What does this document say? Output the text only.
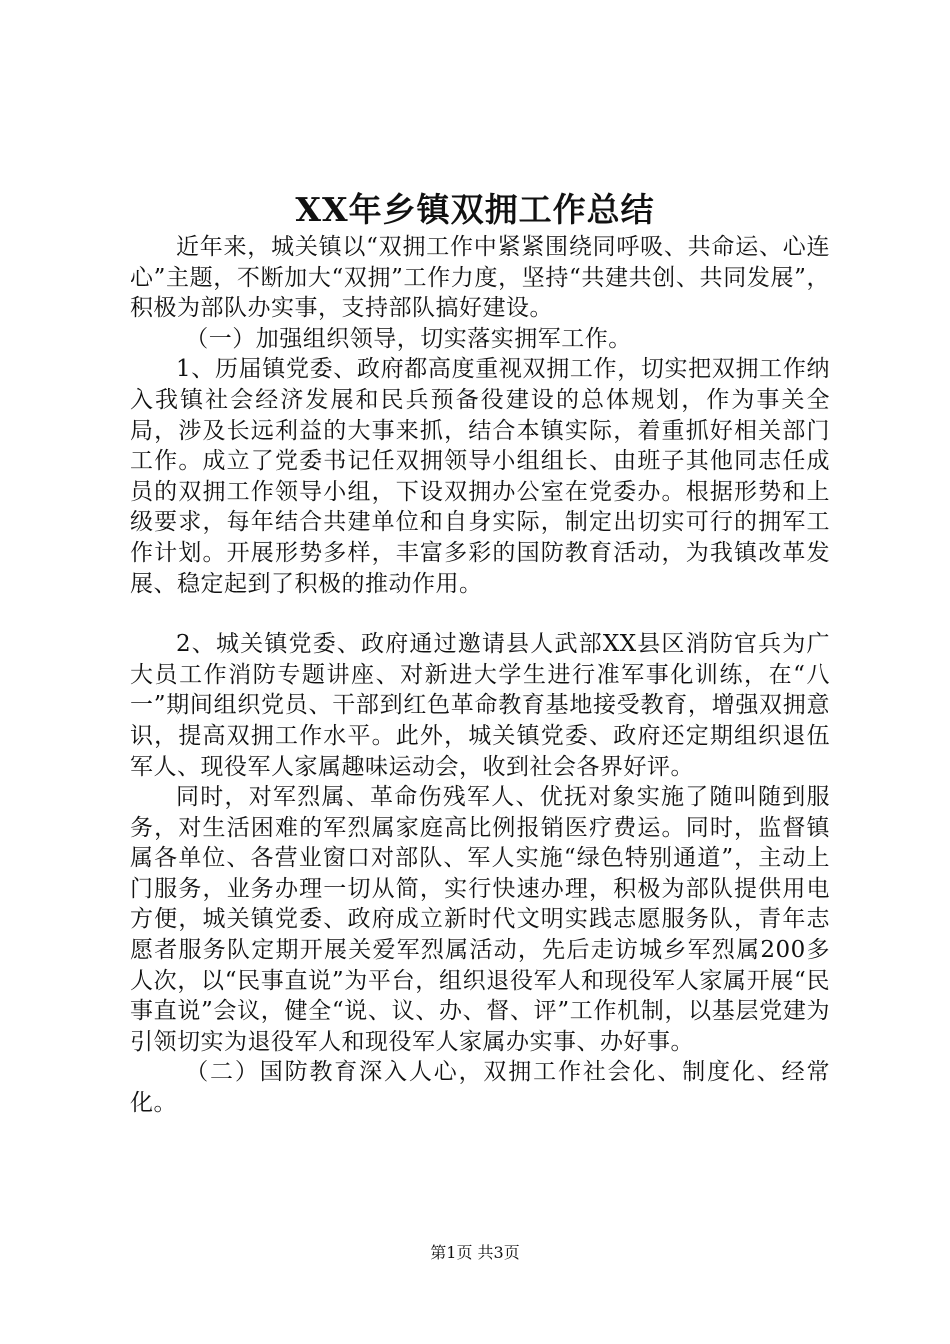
XX年乡镇双拥工作总结

近年来，城关镇以“双拥工作中紧紧围绕同呼吸、共命运、心连心”主题，不断加大“双拥”工作力度，坚持“共建共创、共同发展”，积极为部队办实事，支持部队搞好建设。

（一）加强组织领导，切实落实拥军工作。

1、历届镇党委、政府都高度重视双拥工作，切实把双拥工作纳入我镇社会经济发展和民兵预备役建设的总体规划，作为事关全局，涉及长远利益的大事来抓，结合本镇实际，着重抓好相关部门工作。成立了党委书记任双拥领导小组组长、由班子其他同志任成员的双拥工作领导小组，下设双拥办公室在党委办。根据形势和上级要求，每年结合共建单位和自身实际，制定出切实可行的拥军工作计划。开展形势多样，丰富多彩的国防教育活动，为我镇改革发展、稳定起到了积极的推动作用。

2、城关镇党委、政府通过邀请县人武部XX县区消防官兵为广大员工作消防专题讲座、对新进大学生进行准军事化训练，在“八一”期间组织党员、干部到红色革命教育基地接受教育，增强双拥意识，提高双拥工作水平。此外，城关镇党委、政府还定期组织退伍军人、现役军人家属趣味运动会，收到社会各界好评。

同时，对军烈属、革命伤残军人、优抚对象实施了随叫随到服务，对生活困难的军烈属家庭高比例报销医疗费运。同时，监督镇属各单位、各营业窗口对部队、军人实施“绿色特别通道”，主动上门服务，业务办理一切从简，实行快速办理，积极为部队提供用电方便，城关镇党委、政府成立新时代文明实践志愿服务队，青年志愿者服务队定期开展关爱军烈属活动，先后走访城乡军烈属200多人次，以“民事直说”为平台，组织退役军人和现役军人家属开展“民事直说”会议，健全“说、议、办、督、评”工作机制，以基层党建为引领切实为退役军人和现役军人家属办实事、办好事。

（二）国防教育深入人心，双拥工作社会化、制度化、经常化。

第1页 共3页
